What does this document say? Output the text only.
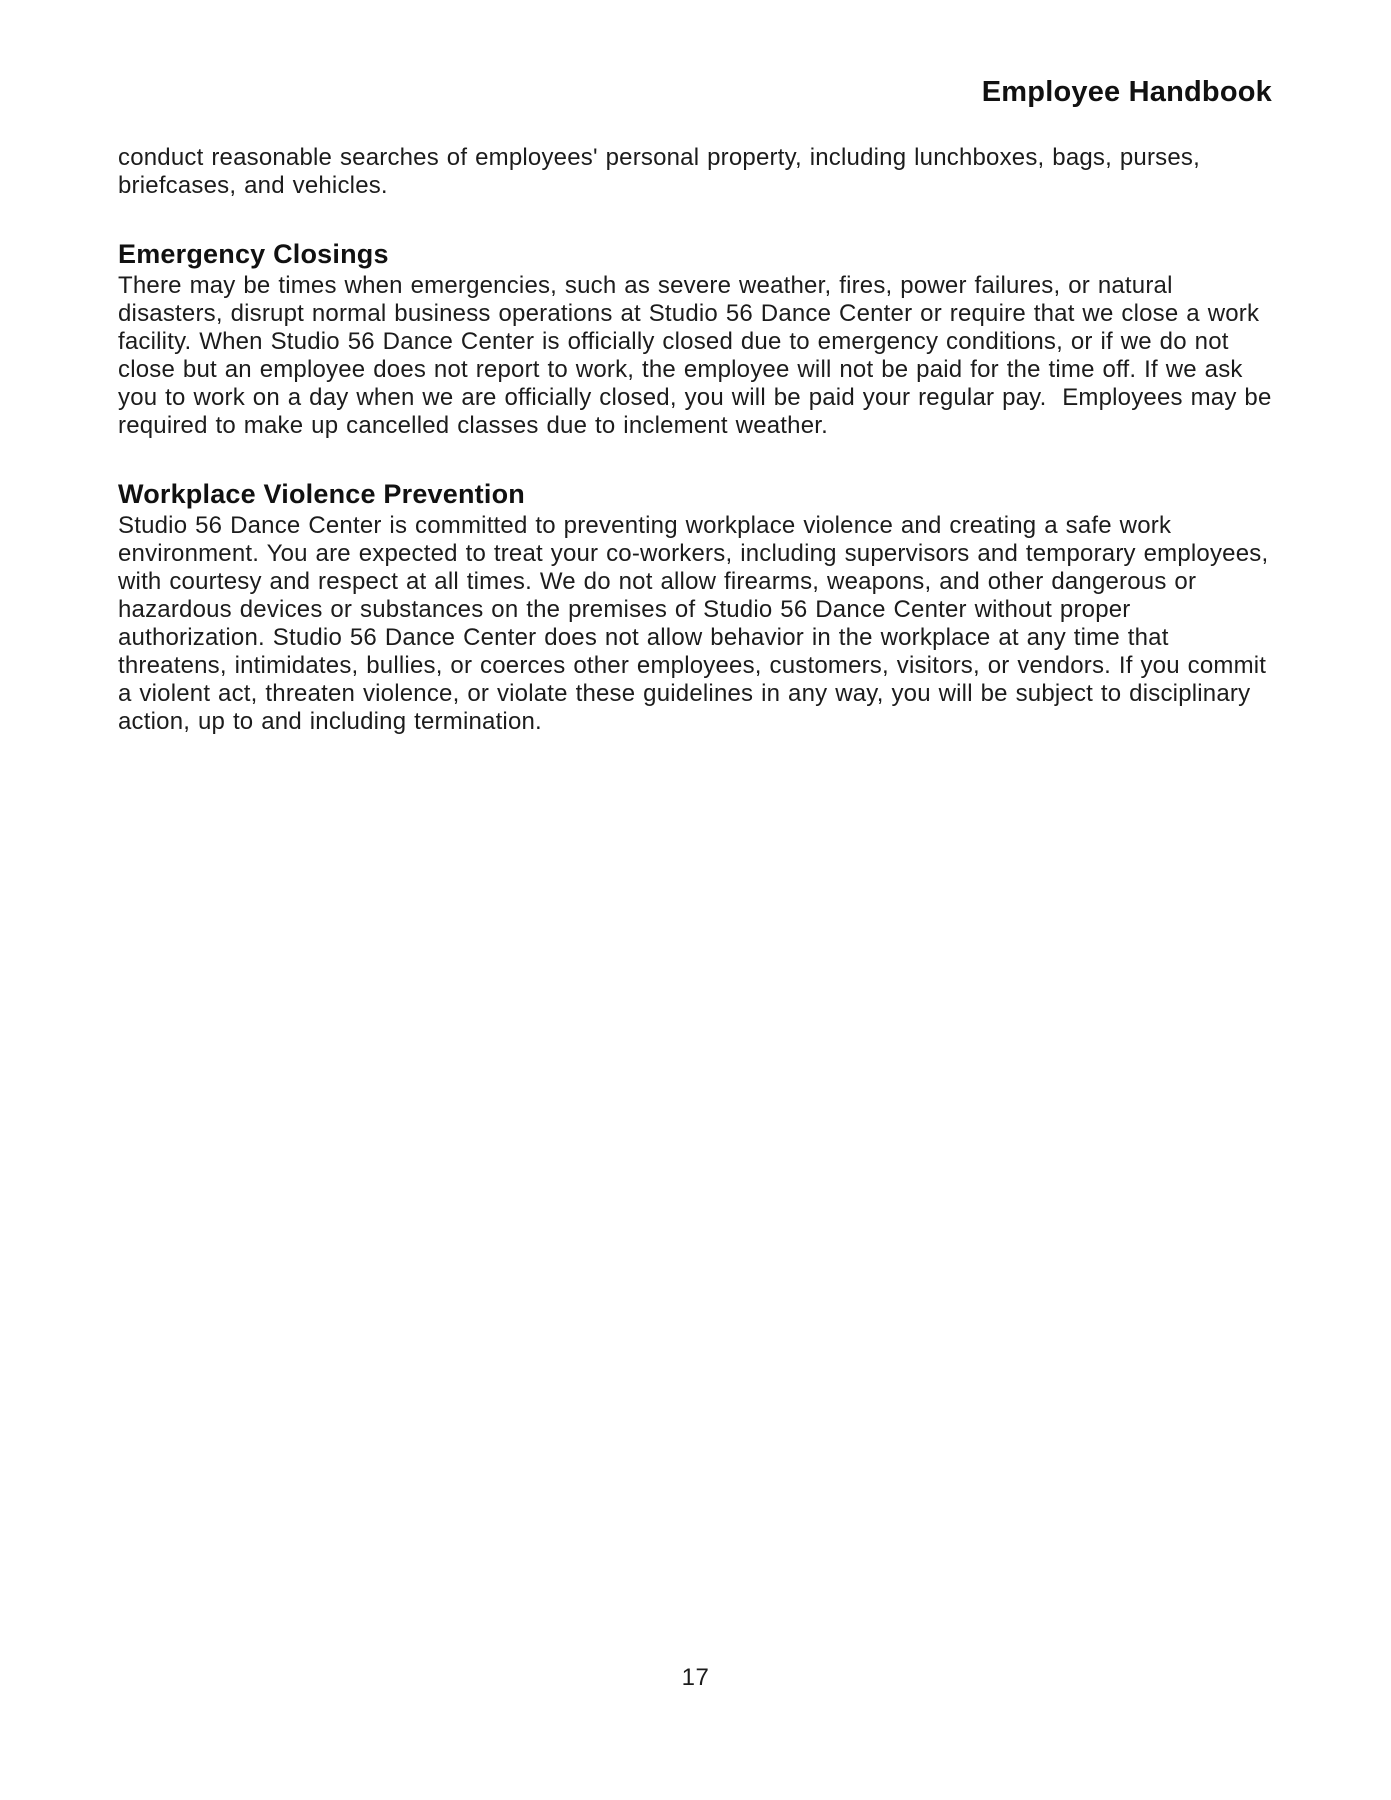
Employee Handbook

conduct reasonable searches of employees' personal property, including lunchboxes, bags, purses, briefcases, and vehicles.

Emergency Closings

There may be times when emergencies, such as severe weather, fires, power failures, or natural disasters, disrupt normal business operations at Studio 56 Dance Center or require that we close a work facility. When Studio 56 Dance Center is officially closed due to emergency conditions, or if we do not close but an employee does not report to work, the employee will not be paid for the time off. If we ask you to work on a day when we are officially closed, you will be paid your regular pay.  Employees may be required to make up cancelled classes due to inclement weather.

Workplace Violence Prevention

Studio 56 Dance Center is committed to preventing workplace violence and creating a safe work environment. You are expected to treat your co-workers, including supervisors and temporary employees, with courtesy and respect at all times. We do not allow firearms, weapons, and other dangerous or hazardous devices or substances on the premises of Studio 56 Dance Center without proper authorization. Studio 56 Dance Center does not allow behavior in the workplace at any time that threatens, intimidates, bullies, or coerces other employees, customers, visitors, or vendors. If you commit a violent act, threaten violence, or violate these guidelines in any way, you will be subject to disciplinary action, up to and including termination.

17
